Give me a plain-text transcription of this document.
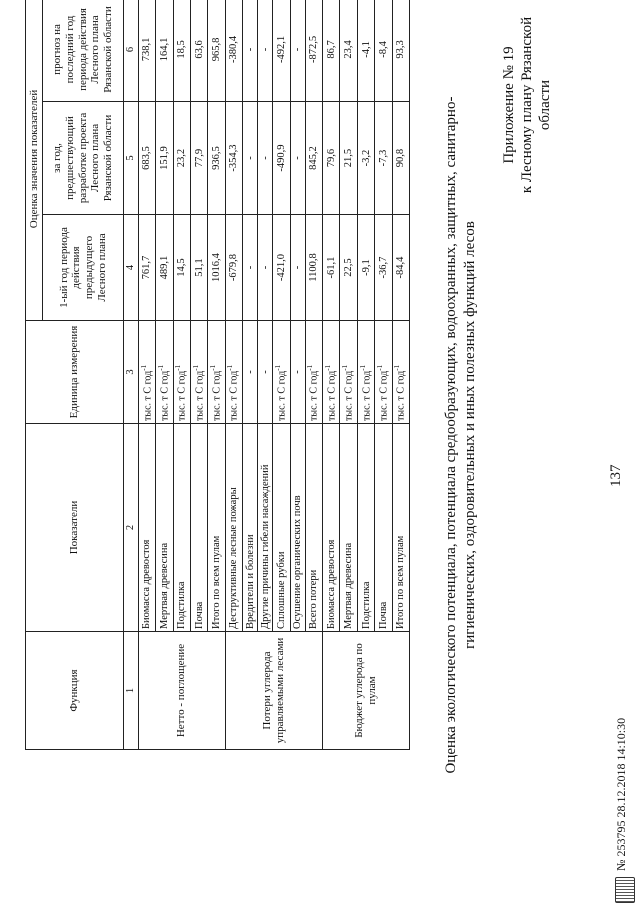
137
Приложение № 19 к Лесному плану Рязанской области
Оценка экологического потенциала, потенциала средообразующих, водоохранных, защитных, санитарно- гигиенических, оздоровительных и иных полезных функций лесов
Функция	Показатели	Единица измерения	Оценка значения показателей		
			1-ый год периода действия предыдущего Лесного плана	за год, предшествующий разработке проекта Лесного плана Рязанской области	прогноз на последний год периода действия Лесного плана Рязанской области
1	2	3	4	5	6
Нетто - поглощение	Биомасса древостоя	тыс. т С год$^{-1}$	761,7	683,5	738,1
	Мертвая древесина	тыс. т С год$^{-1}$	489,1	151,9	164,1
	Подстилка	тыс. т С год$^{-1}$	14,5	23,2	18,5
	Почва	тыс. т С год$^{-1}$	51,1	77,9	63,6
	Итого по всем пулам	тыс. т С год$^{-1}$	1016,4	936,5	965,8
Потери углерода управляемыми лесами	Деструктивные лесные пожары	тыс. т С год$^{-1}$	-679,8	-354,3	-380,4
	Вредители и болезни	-	-	-	-
	Другие причины гибели насаждений	-	-	-	-
	Сплошные рубки	тыс. т С год$^{-1}$	-421,0	-490,9	-492,1
	Осушение органических почв	-	-	-	-
	Всего потери	тыс. т С год$^{-1}$	1100,8	845,2	-872,5
Бюджет углерода по пулам	Биомасса древостоя	тыс. т С год$^{-1}$	-61,1	79,6	86,7
	Мертвая древесина	тыс. т С год$^{-1}$	22,5	21,5	23,4
	Подстилка	тыс. т С год$^{-1}$	-9,1	-3,2	-4,1
	Почва	тыс. т С год$^{-1}$	-36,7	-7,3	-8,4
	Итого по всем пулам	тыс. т С год$^{-1}$	-84,4	90,8	93,3
№ 253795 28.12.2018 14:10:30
